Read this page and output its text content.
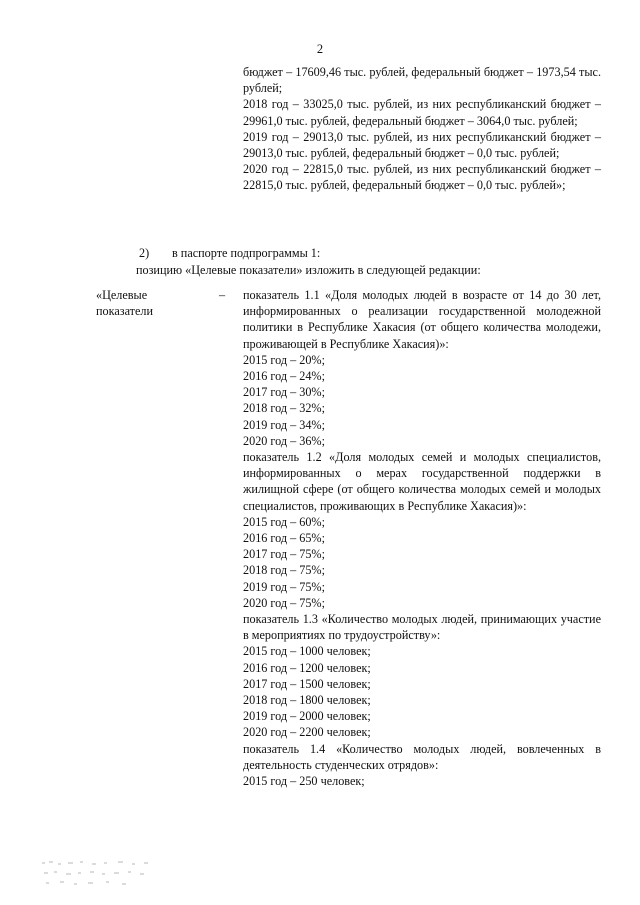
2

бюджет – 17609,46 тыс. рублей, федеральный бюджет – 1973,54 тыс. рублей;

2018 год – 33025,0 тыс. рублей, из них республиканский бюджет – 29961,0 тыс. рублей, федеральный бюджет – 3064,0 тыс. рублей;

2019 год – 29013,0 тыс. рублей, из них республиканский бюджет – 29013,0 тыс. рублей, федеральный бюджет – 0,0 тыс. рублей;

2020 год – 22815,0 тыс. рублей, из них республиканский бюджет – 22815,0 тыс. рублей, федеральный бюджет – 0,0 тыс. рублей»;

2) в паспорте подпрограммы 1:
позицию «Целевые показатели» изложить в следующей редакции:
«Целевые
показатели
– показатель 1.1 «Доля молодых людей в возрасте от 14 до 30 лет, информированных о реализации государственной молодежной политики в Республике Хакасия (от общего количества молодежи, проживающей в Республике Хакасия)»:

2015 год – 20%;

2016 год – 24%;

2017 год – 30%;

2018 год – 32%;

2019 год – 34%;

2020 год – 36%;

показатель 1.2 «Доля молодых семей и молодых специалистов, информированных о мерах государственной поддержки в жилищной сфере (от общего количества молодых семей и молодых специалистов, проживающих в Республике Хакасия)»:

2015 год – 60%;

2016 год – 65%;

2017 год – 75%;

2018 год – 75%;

2019 год – 75%;

2020 год – 75%;

показатель 1.3 «Количество молодых людей, принимающих участие в мероприятиях по трудоустройству»:

2015 год – 1000 человек;

2016 год – 1200 человек;

2017 год – 1500 человек;

2018 год – 1800 человек;

2019 год – 2000 человек;

2020 год – 2200 человек;

показатель 1.4 «Количество молодых людей, вовлеченных в деятельность студенческих отрядов»:

2015 год – 250 человек;
